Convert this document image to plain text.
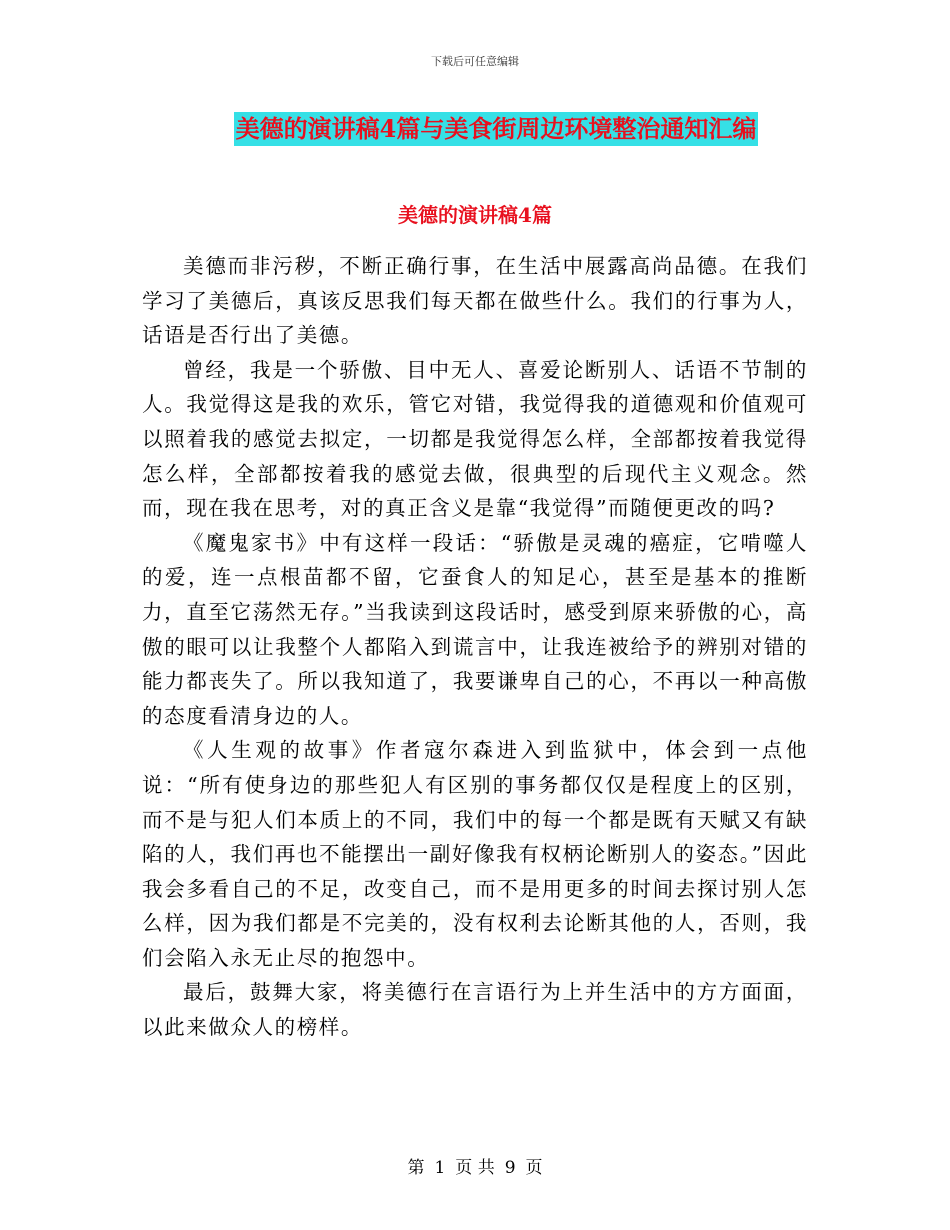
下载后可任意编辑
美德的演讲稿4篇与美食街周边环境整治通知汇编
美德的演讲稿4篇

美德而非污秽，不断正确行事，在生活中展露高尚品德。在我们学习了美德后，真该反思我们每天都在做些什么。我们的行事为人，话语是否行出了美德。

曾经，我是一个骄傲、目中无人、喜爱论断别人、话语不节制的人。我觉得这是我的欢乐，管它对错，我觉得我的道德观和价值观可以照着我的感觉去拟定，一切都是我觉得怎么样，全部都按着我觉得怎么样，全部都按着我的感觉去做，很典型的后现代主义观念。然而，现在我在思考，对的真正含义是靠“我觉得”而随便更改的吗?

《魔鬼家书》中有这样一段话：“骄傲是灵魂的癌症，它啃噬人的爱，连一点根苗都不留，它蚕食人的知足心，甚至是基本的推断力，直至它荡然无存。”当我读到这段话时，感受到原来骄傲的心，高傲的眼可以让我整个人都陷入到谎言中，让我连被给予的辨别对错的能力都丧失了。所以我知道了，我要谦卑自己的心，不再以一种高傲的态度看清身边的人。

《人生观的故事》作者寇尔森进入到监狱中，体会到一点他说：“所有使身边的那些犯人有区别的事务都仅仅是程度上的区别，而不是与犯人们本质上的不同，我们中的每一个都是既有天赋又有缺陷的人，我们再也不能摆出一副好像我有权柄论断别人的姿态。”因此我会多看自己的不足，改变自己，而不是用更多的时间去探讨别人怎么样，因为我们都是不完美的，没有权利去论断其他的人，否则，我们会陷入永无止尽的抱怨中。

最后，鼓舞大家，将美德行在言语行为上并生活中的方方面面，以此来做众人的榜样。

第 1 页 共 9 页
